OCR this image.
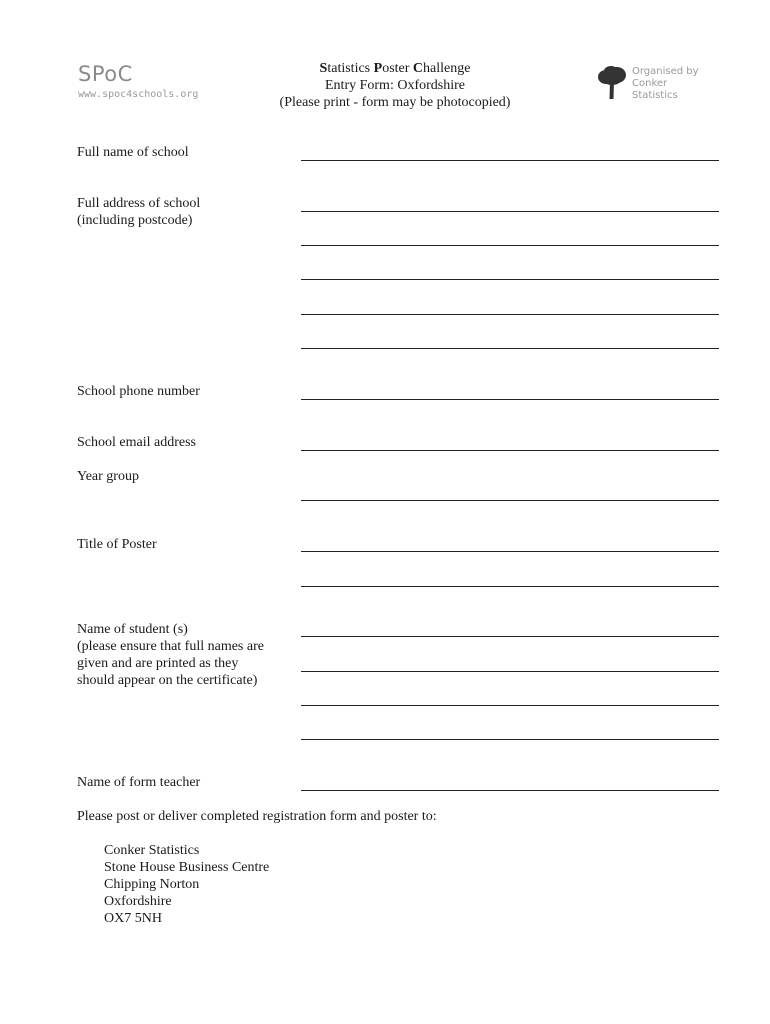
SPoC
www.spoc4schools.org
Statistics Poster Challenge
Entry Form: Oxfordshire
(Please print - form may be photocopied)
Organised by
Conker
Statistics
Full name of school
Full address of school
(including postcode)
School phone number
School email address
Year group
Title of Poster
Name of student (s)
(please ensure that full names are
given and are printed as they
should appear on the certificate)
Name of form teacher
Please post or deliver completed registration form and poster to:
Conker Statistics
Stone House Business Centre
Chipping Norton
Oxfordshire
OX7 5NH
